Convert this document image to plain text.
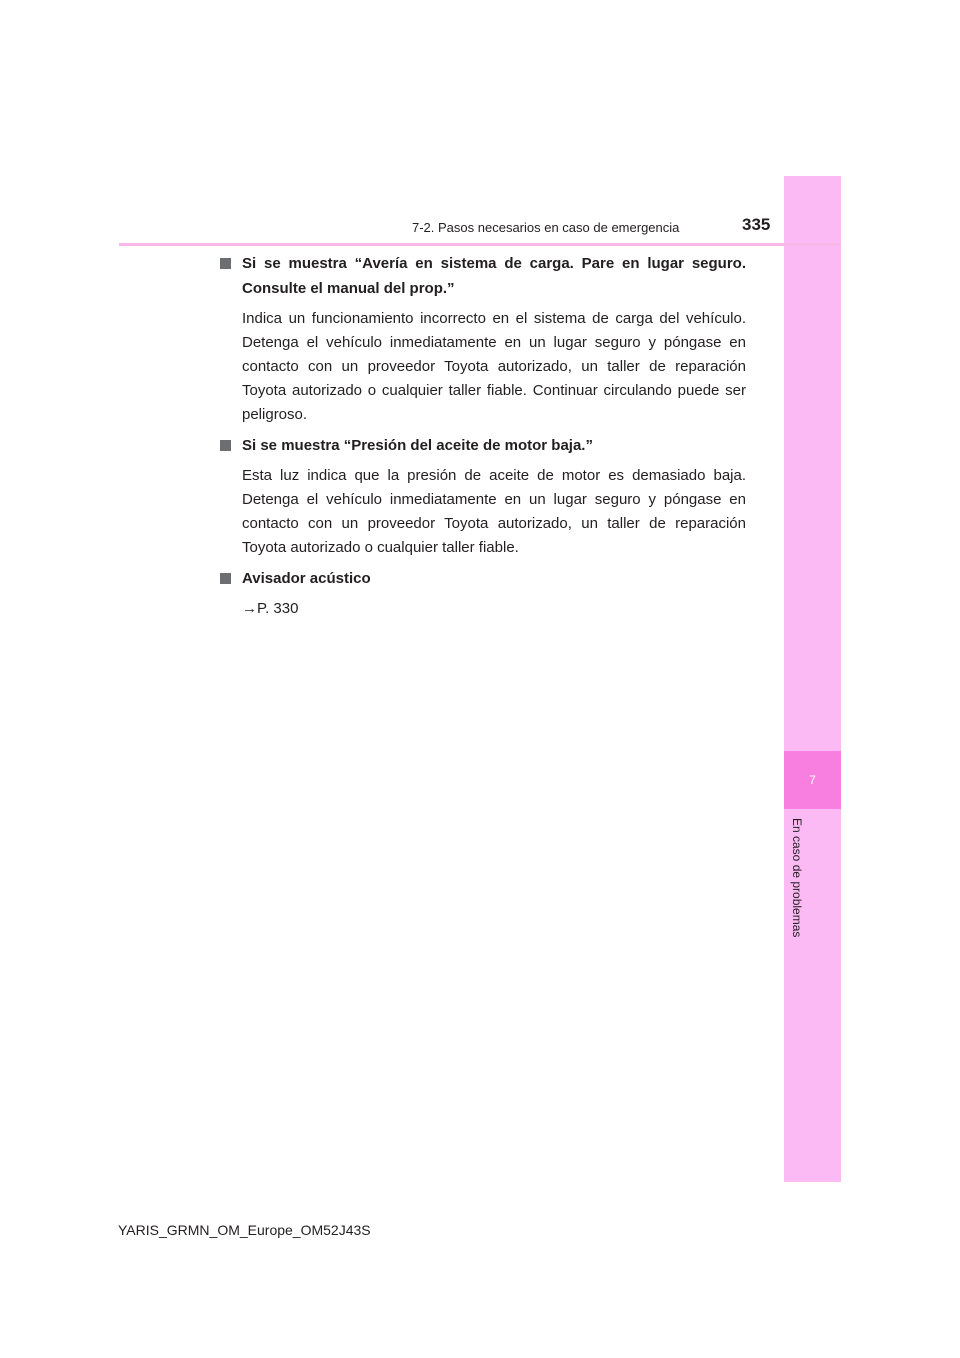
7
En caso de problemas
7-2. Pasos necesarios en caso de emergencia	335

Si se muestra “Avería en sistema de carga. Pare en lugar seguro. Consulte el manual del prop.”

Indica un funcionamiento incorrecto en el sistema de carga del vehículo. Detenga el vehículo inmediatamente en un lugar seguro y póngase en contacto con un proveedor Toyota autorizado, un taller de reparación Toyota autorizado o cualquier taller fiable. Continuar circulando puede ser peligroso.

Si se muestra “Presión del aceite de motor baja.”

Esta luz indica que la presión de aceite de motor es demasiado baja. Detenga el vehículo inmediatamente en un lugar seguro y póngase en contacto con un proveedor Toyota autorizado, un taller de reparación Toyota autorizado o cualquier taller fiable.

Avisador acústico

→P. 330

YARIS_GRMN_OM_Europe_OM52J43S
